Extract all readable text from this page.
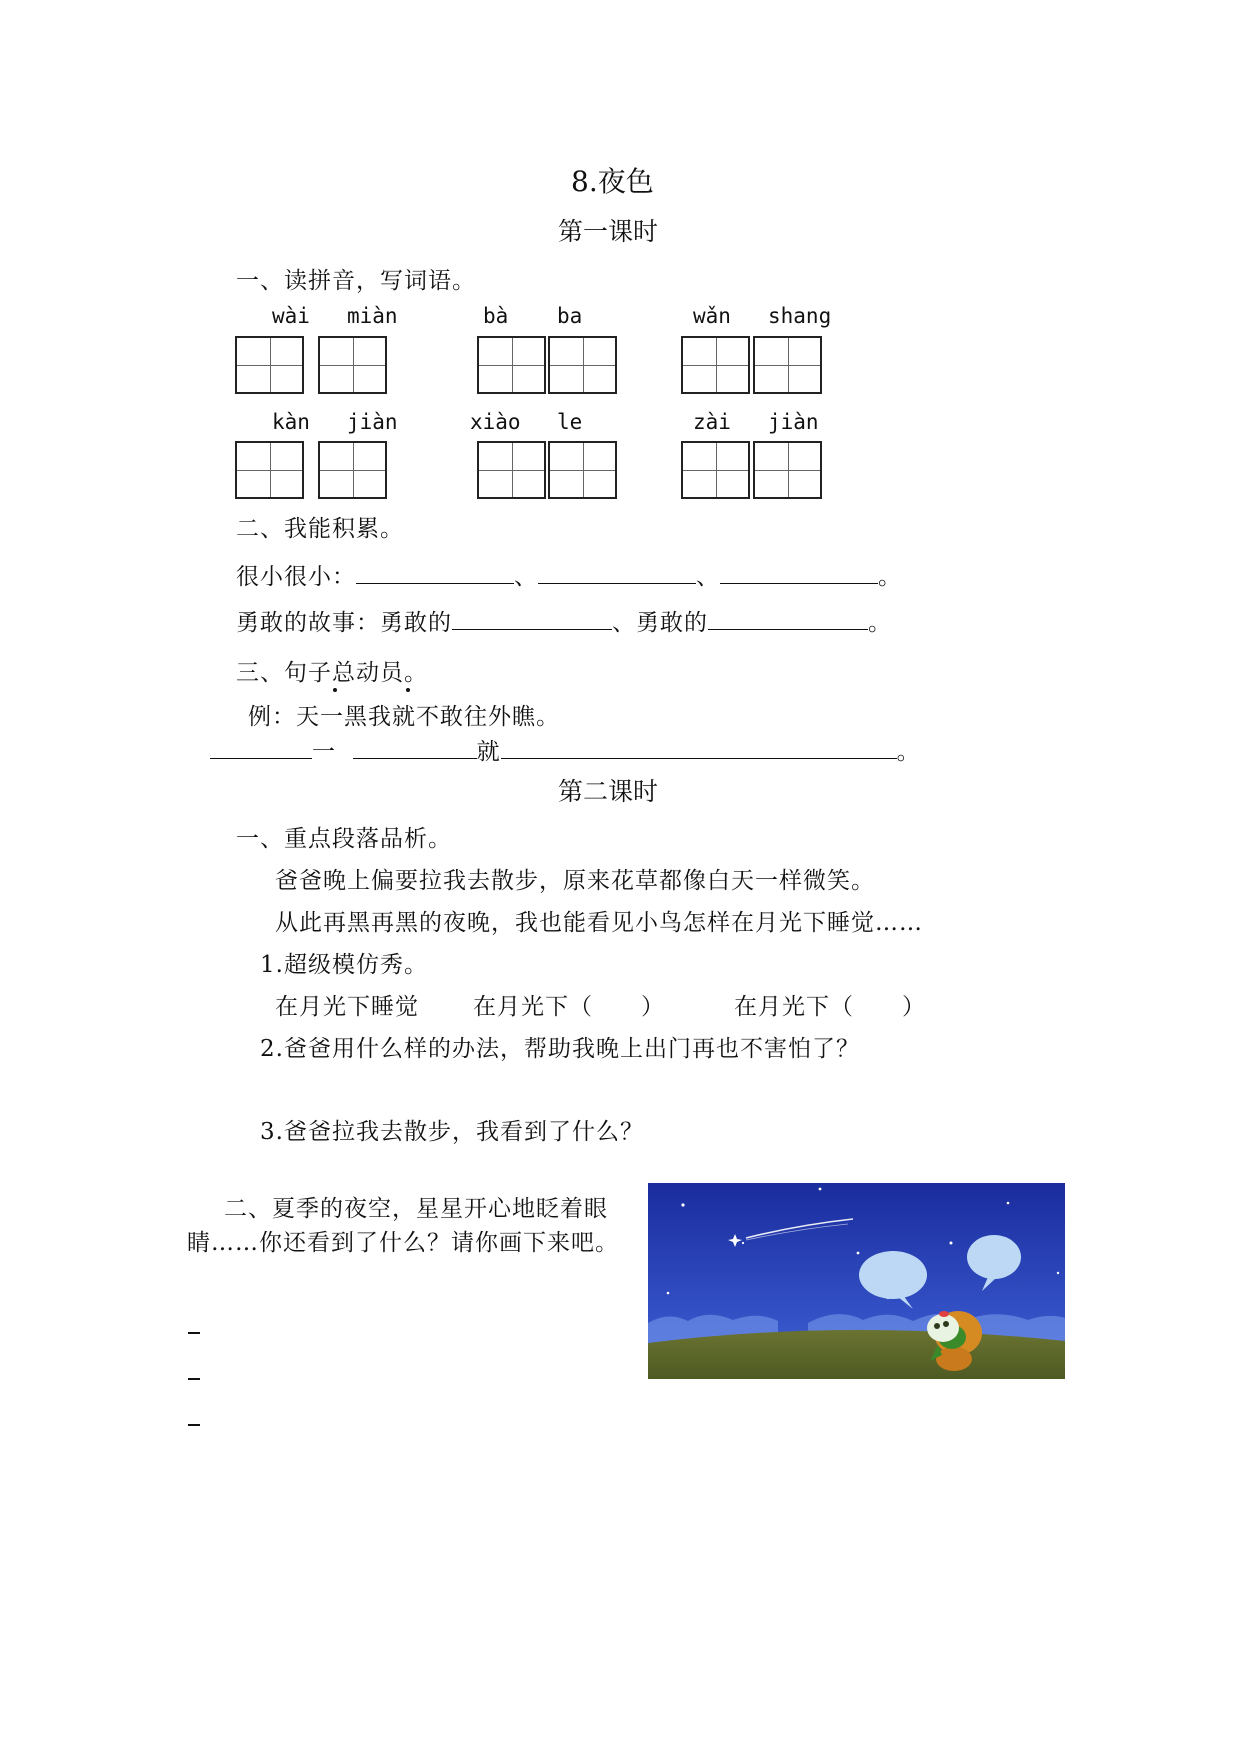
8.夜色
第一课时
一、读拼音，写词语。
wài miàn	bà ba	wǎn shang
kàn jiàn	xiào le	zài jiàn
二、我能积累。
很小很小：	、	、	。
勇敢的故事：勇敢的	、勇敢的	。
三、句子总动员。
例：天一黑我就不敢往外瞧。
一	就	。
第二课时
一、重点段落品析。
爸爸晚上偏要拉我去散步，原来花草都像白天一样微笑。
从此再黑再黑的夜晚，我也能看见小鸟怎样在月光下睡觉……
1.超级模仿秀。
在月光下睡觉 在月光下（　　）	在月光下（　　）
2.爸爸用什么样的办法，帮助我晚上出门再也不害怕了？
3.爸爸拉我去散步，我看到了什么？
二、夏季的夜空，星星开心地眨着眼
睛……你还看到了什么？请你画下来吧。
